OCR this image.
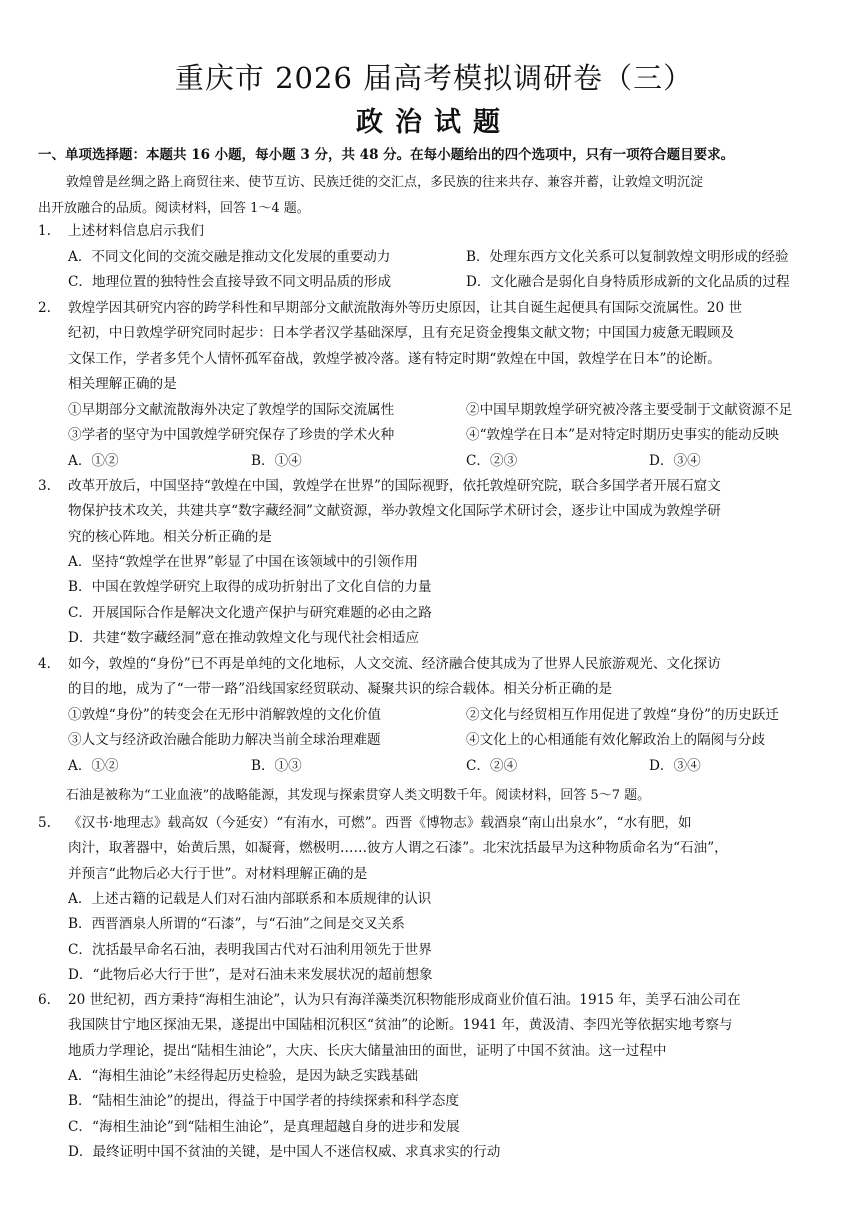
重庆市 2026 届高考模拟调研卷（三）
政治试题
一、单项选择题：本题共 16 小题，每小题 3 分，共 48 分。在每小题给出的四个选项中，只有一项符合题目要求。
敦煌曾是丝绸之路上商贸往来、使节互访、民族迁徙的交汇点，多民族的往来共存、兼容并蓄，让敦煌文明沉淀
出开放融合的品质。阅读材料，回答 1～4 题。
1. 上述材料信息启示我们
A．不同文化间的交流交融是推动文化发展的重要动力	B．处理东西方文化关系可以复制敦煌文明形成的经验
C．地理位置的独特性会直接导致不同文明品质的形成	D．文化融合是弱化自身特质形成新的文化品质的过程
2. 敦煌学因其研究内容的跨学科性和早期部分文献流散海外等历史原因，让其自诞生起便具有国际交流属性。20 世
纪初，中日敦煌学研究同时起步：日本学者汉学基础深厚，且有充足资金搜集文献文物；中国国力疲惫无暇顾及
文保工作，学者多凭个人情怀孤军奋战，敦煌学被冷落。遂有特定时期“敦煌在中国，敦煌学在日本”的论断。
相关理解正确的是
①早期部分文献流散海外决定了敦煌学的国际交流属性	②中国早期敦煌学研究被冷落主要受制于文献资源不足
③学者的坚守为中国敦煌学研究保存了珍贵的学术火种	④“敦煌学在日本”是对特定时期历史事实的能动反映
A．①②	B．①④	C．②③	D．③④
3. 改革开放后，中国坚持“敦煌在中国，敦煌学在世界”的国际视野，依托敦煌研究院，联合多国学者开展石窟文
物保护技术攻关，共建共享“数字藏经洞”文献资源，举办敦煌文化国际学术研讨会，逐步让中国成为敦煌学研
究的核心阵地。相关分析正确的是
A．坚持“敦煌学在世界”彰显了中国在该领域中的引领作用
B．中国在敦煌学研究上取得的成功折射出了文化自信的力量
C．开展国际合作是解决文化遗产保护与研究难题的必由之路
D．共建“数字藏经洞”意在推动敦煌文化与现代社会相适应
4. 如今，敦煌的“身份”已不再是单纯的文化地标，人文交流、经济融合使其成为了世界人民旅游观光、文化探访
的目的地，成为了“一带一路”沿线国家经贸联动、凝聚共识的综合载体。相关分析正确的是
①敦煌“身份”的转变会在无形中消解敦煌的文化价值	②文化与经贸相互作用促进了敦煌“身份”的历史跃迁
③人文与经济政治融合能助力解决当前全球治理难题	④文化上的心相通能有效化解政治上的隔阂与分歧
A．①②	B．①③	C．②④	D．③④
石油是被称为“工业血液”的战略能源，其发现与探索贯穿人类文明数千年。阅读材料，回答 5～7 题。
5. 《汉书·地理志》载高奴（今延安）“有洧水，可燃”。西晋《博物志》载酒泉“南山出泉水”，“水有肥，如
肉汁，取著器中，始黄后黑，如凝膏，燃极明……彼方人谓之石漆”。北宋沈括最早为这种物质命名为“石油”，
并预言“此物后必大行于世”。对材料理解正确的是
A．上述古籍的记载是人们对石油内部联系和本质规律的认识
B．西晋酒泉人所谓的“石漆”，与“石油”之间是交叉关系
C．沈括最早命名石油，表明我国古代对石油利用领先于世界
D．“此物后必大行于世”，是对石油未来发展状况的超前想象
6. 20 世纪初，西方秉持“海相生油论”，认为只有海洋藻类沉积物能形成商业价值石油。1915 年，美孚石油公司在
我国陕甘宁地区探油无果，遂提出中国陆相沉积区“贫油”的论断。1941 年，黄汲清、李四光等依据实地考察与
地质力学理论，提出“陆相生油论”，大庆、长庆大储量油田的面世，证明了中国不贫油。这一过程中
A．“海相生油论”未经得起历史检验，是因为缺乏实践基础
B．“陆相生油论”的提出，得益于中国学者的持续探索和科学态度
C．“海相生油论”到“陆相生油论”，是真理超越自身的进步和发展
D．最终证明中国不贫油的关键，是中国人不迷信权威、求真求实的行动
